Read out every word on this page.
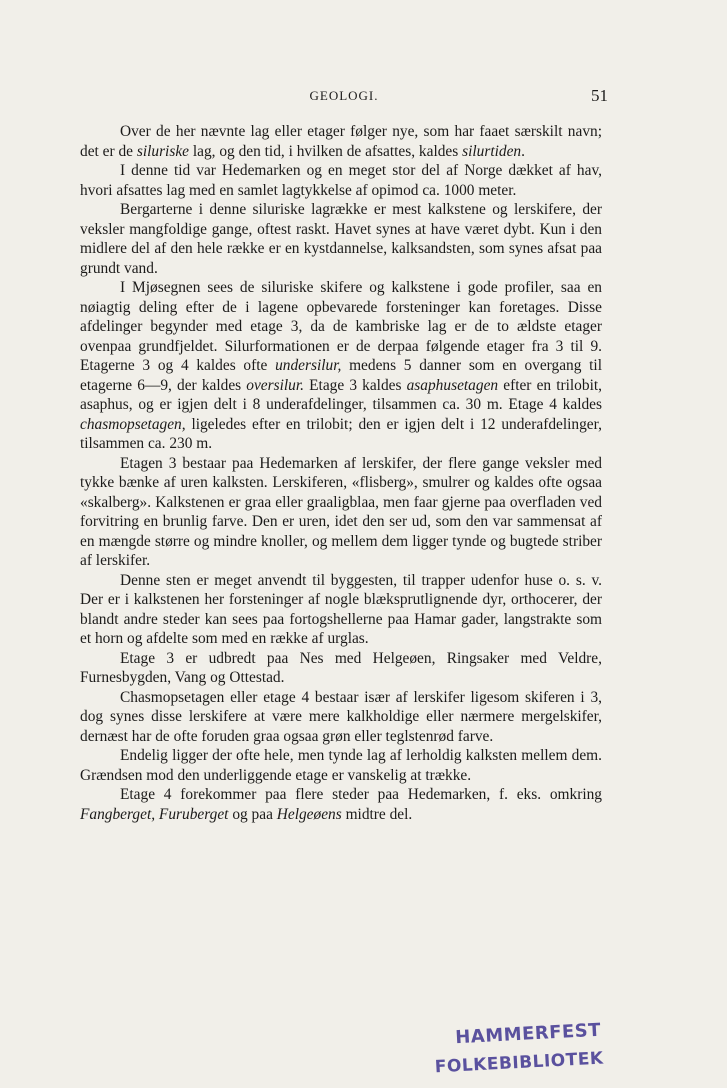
GEOLOGI.	51

Over de her nævnte lag eller etager følger nye, som har faaet særskilt navn; det er de siluriske lag, og den tid, i hvilken de afsattes, kaldes silurtiden.

I denne tid var Hedemarken og en meget stor del af Norge dækket af hav, hvori afsattes lag med en samlet lagtykkelse af opimod ca. 1000 meter.

Bergarterne i denne siluriske lagrække er mest kalkstene og lerskifere, der veksler mangfoldige gange, oftest raskt. Havet synes at have været dybt. Kun i den midlere del af den hele række er en kystdannelse, kalksandsten, som synes afsat paa grundt vand.

I Mjøsegnen sees de siluriske skifere og kalkstene i gode profiler, saa en nøiagtig deling efter de i lagene opbevarede forsteninger kan foretages. Disse afdelinger begynder med etage 3, da de kambriske lag er de to ældste etager ovenpaa grundfjeldet. Silurformationen er de derpaa følgende etager fra 3 til 9. Etagerne 3 og 4 kaldes ofte undersilur, medens 5 danner som en overgang til etagerne 6—9, der kaldes oversilur. Etage 3 kaldes asaphusetagen efter en trilobit, asaphus, og er igjen delt i 8 underafdelinger, tilsammen ca. 30 m. Etage 4 kaldes chasmopsetagen, ligeledes efter en trilobit; den er igjen delt i 12 underafdelinger, tilsammen ca. 230 m.

Etagen 3 bestaar paa Hedemarken af lerskifer, der flere gange veksler med tykke bænke af uren kalksten. Lerskiferen, «flisberg», smulrer og kaldes ofte ogsaa «skalberg». Kalkstenen er graa eller graaligblaa, men faar gjerne paa overfladen ved forvitring en brunlig farve. Den er uren, idet den ser ud, som den var sammensat af en mængde større og mindre knoller, og mellem dem ligger tynde og bugtede striber af lerskifer.

Denne sten er meget anvendt til byggesten, til trapper udenfor huse o. s. v. Der er i kalkstenen her forsteninger af nogle blæksprutlignende dyr, orthocerer, der blandt andre steder kan sees paa fortogshellerne paa Hamar gader, langstrakte som et horn og afdelte som med en række af urglas.

Etage 3 er udbredt paa Nes med Helgeøen, Ringsaker med Veldre, Furnesbygden, Vang og Ottestad.

Chasmopsetagen eller etage 4 bestaar især af lerskifer ligesom skiferen i 3, dog synes disse lerskifere at være mere kalkholdige eller nærmere mergelskifer, dernæst har de ofte foruden graa ogsaa grøn eller teglstenrød farve.

Endelig ligger der ofte hele, men tynde lag af lerholdig kalksten mellem dem. Grændsen mod den underliggende etage er vanskelig at trække.

Etage 4 forekommer paa flere steder paa Hedemarken, f. eks. omkring Fangberget, Furuberget og paa Helgeøens midtre del.

HAMMERFEST
FOLKEBIBLIOTEK
